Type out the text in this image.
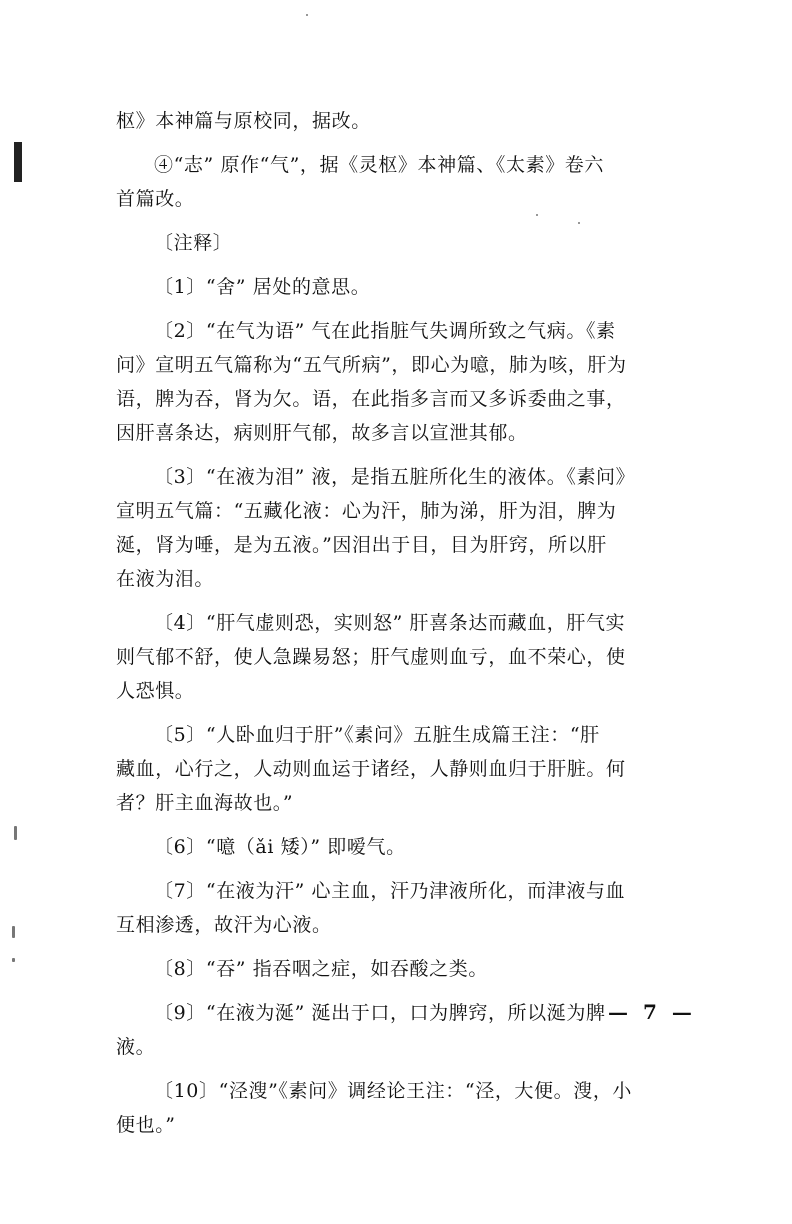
枢》本神篇与原校同，据改。
④“志” 原作“气”，据《灵枢》本神篇、《太素》卷六
首篇改。
〔注释〕
〔1〕“舍” 居处的意思。
〔2〕“在气为语” 气在此指脏气失调所致之气病。《素
问》宣明五气篇称为“五气所病”，即心为噫，肺为咳，肝为
语，脾为吞，肾为欠。语，在此指多言而又多诉委曲之事，
因肝喜条达，病则肝气郁，故多言以宣泄其郁。
〔3〕“在液为泪” 液，是指五脏所化生的液体。《素问》
宣明五气篇：“五藏化液：心为汗，肺为涕，肝为泪，脾为
涎，肾为唾，是为五液。”因泪出于目，目为肝窍，所以肝
在液为泪。
〔4〕“肝气虚则恐，实则怒” 肝喜条达而藏血，肝气实
则气郁不舒，使人急躁易怒；肝气虚则血亏，血不荣心，使
人恐惧。
〔5〕“人卧血归于肝”《素问》五脏生成篇王注：“肝
藏血，心行之，人动则血运于诸经，人静则血归于肝脏。何
者？肝主血海故也。”
〔6〕“噫（ǎi 矮）” 即嗳气。
〔7〕“在液为汗” 心主血，汗乃津液所化，而津液与血
互相渗透，故汗为心液。
〔8〕“吞” 指吞咽之症，如吞酸之类。
〔9〕“在液为涎” 涎出于口，口为脾窍，所以涎为脾
液。
〔10〕“泾溲”《素问》调经论王注：“泾，大便。溲，小
便也。”
— 7 —
